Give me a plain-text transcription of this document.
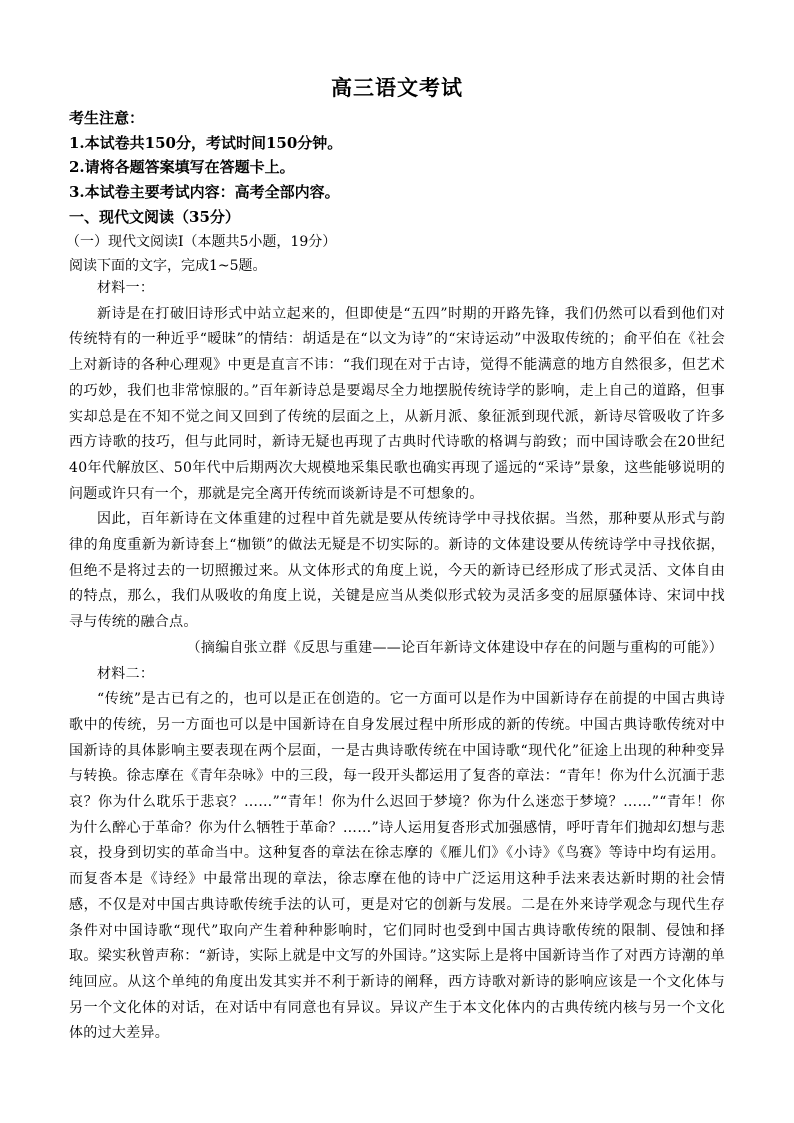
高三语文考试
考生注意：
1.本试卷共150分，考试时间150分钟。
2.请将各题答案填写在答题卡上。
3.本试卷主要考试内容：高考全部内容。
一、现代文阅读（35分）
（一）现代文阅读Ⅰ（本题共5小题，19分）
阅读下面的文字，完成1~5题。

材料一：

新诗是在打破旧诗形式中站立起来的，但即使是“五四”时期的开路先锋，我们仍然可以看到他们对传统特有的一种近乎“暧昧”的情结：胡适是在“以文为诗”的“宋诗运动”中汲取传统的；俞平伯在《社会上对新诗的各种心理观》中更是直言不讳：“我们现在对于古诗，觉得不能满意的地方自然很多，但艺术的巧妙，我们也非常惊服的。”百年新诗总是要竭尽全力地摆脱传统诗学的影响，走上自己的道路，但事实却总是在不知不觉之间又回到了传统的层面之上，从新月派、象征派到现代派，新诗尽管吸收了许多西方诗歌的技巧，但与此同时，新诗无疑也再现了古典时代诗歌的格调与韵致；而中国诗歌会在20世纪40年代解放区、50年代中后期两次大规模地采集民歌也确实再现了遥远的“采诗”景象，这些能够说明的问题或许只有一个，那就是完全离开传统而谈新诗是不可想象的。

因此，百年新诗在文体重建的过程中首先就是要从传统诗学中寻找依据。当然，那种要从形式与韵律的角度重新为新诗套上“枷锁”的做法无疑是不切实际的。新诗的文体建设要从传统诗学中寻找依据，但绝不是将过去的一切照搬过来。从文体形式的角度上说，今天的新诗已经形成了形式灵活、文体自由的特点，那么，我们从吸收的角度上说，关键是应当从类似形式较为灵活多变的屈原骚体诗、宋词中找寻与传统的融合点。

（摘编自张立群《反思与重建——论百年新诗文体建设中存在的问题与重构的可能》）

材料二：

“传统”是古已有之的，也可以是正在创造的。它一方面可以是作为中国新诗存在前提的中国古典诗歌中的传统，另一方面也可以是中国新诗在自身发展过程中所形成的新的传统。中国古典诗歌传统对中国新诗的具体影响主要表现在两个层面，一是古典诗歌传统在中国诗歌“现代化”征途上出现的种种变异与转换。徐志摩在《青年杂咏》中的三段，每一段开头都运用了复沓的章法：“青年！你为什么沉湎于悲哀？你为什么耽乐于悲哀？……”“青年！你为什么迟回于梦境？你为什么迷恋于梦境？……”“青年！你为什么醉心于革命？你为什么牺牲于革命？……”诗人运用复沓形式加强感情，呼吁青年们抛却幻想与悲哀，投身到切实的革命当中。这种复沓的章法在徐志摩的《雁儿们》《小诗》《鸟赛》等诗中均有运用。而复沓本是《诗经》中最常出现的章法，徐志摩在他的诗中广泛运用这种手法来表达新时期的社会情感，不仅是对中国古典诗歌传统手法的认可，更是对它的创新与发展。二是在外来诗学观念与现代生存条件对中国诗歌“现代”取向产生着种种影响时，它们同时也受到中国古典诗歌传统的限制、侵蚀和择取。梁实秋曾声称：“新诗，实际上就是中文写的外国诗。”这实际上是将中国新诗当作了对西方诗潮的单纯回应。从这个单纯的角度出发其实并不利于新诗的阐释，西方诗歌对新诗的影响应该是一个文化体与另一个文化体的对话，在对话中有同意也有异议。异议产生于本文化体内的古典传统内核与另一个文化体的过大差异。
